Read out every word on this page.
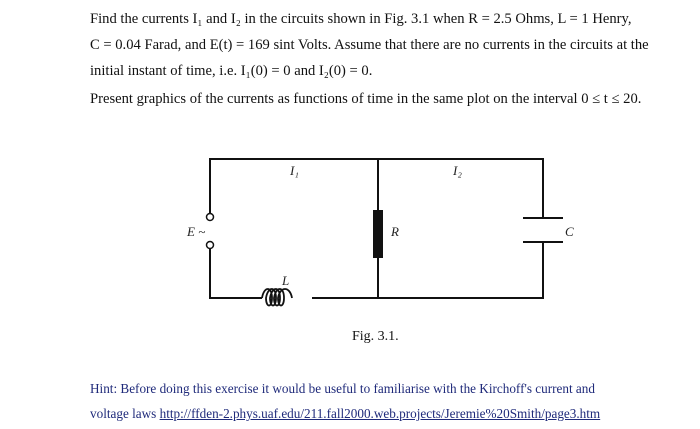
Find the currents I₁ and I₂ in the circuits shown in Fig. 3.1 when R = 2.5 Ohms, L = 1 Henry,
C = 0.04 Farad, and E(t) = 169 sint Volts. Assume that there are no currents in the circuits at the
initial instant of time, i.e. I₁(0) = 0 and I₂(0) = 0.
Present graphics of the currents as functions of time in the same plot on the interval 0 ≤ t ≤ 20.
I₁	I₂
E ~	R	C
L
Fig. 3.1.
Hint: Before doing this exercise it would be useful to familiarise with the Kirchoff's current and
voltage laws http://ffden-2.phys.uaf.edu/211.fall2000.web.projects/Jeremie%20Smith/page3.htm
